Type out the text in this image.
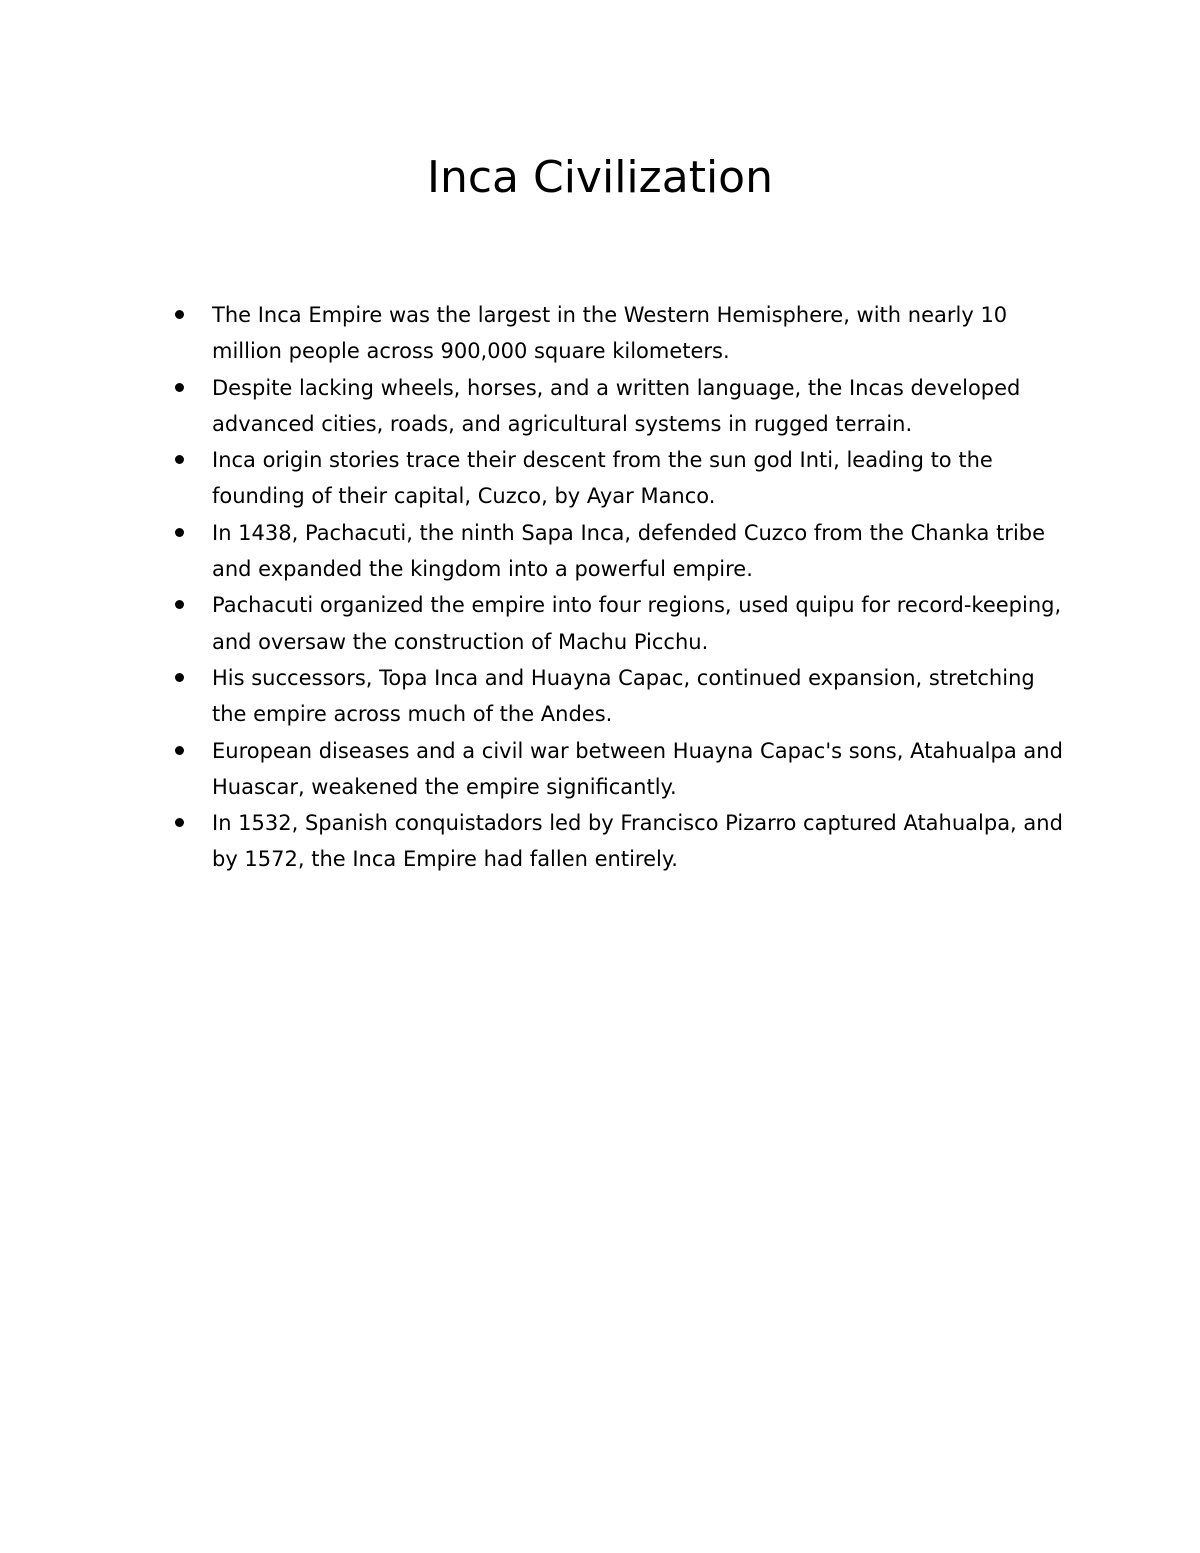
Inca Civilization
The Inca Empire was the largest in the Western Hemisphere, with nearly 10 million people across 900,000 square kilometers.
Despite lacking wheels, horses, and a written language, the Incas developed advanced cities, roads, and agricultural systems in rugged terrain.
Inca origin stories trace their descent from the sun god Inti, leading to the founding of their capital, Cuzco, by Ayar Manco.
In 1438, Pachacuti, the ninth Sapa Inca, defended Cuzco from the Chanka tribe and expanded the kingdom into a powerful empire.
Pachacuti organized the empire into four regions, used quipu for record-keeping, and oversaw the construction of Machu Picchu.
His successors, Topa Inca and Huayna Capac, continued expansion, stretching the empire across much of the Andes.
European diseases and a civil war between Huayna Capac's sons, Atahualpa and Huascar, weakened the empire significantly.
In 1532, Spanish conquistadors led by Francisco Pizarro captured Atahualpa, and by 1572, the Inca Empire had fallen entirely.
